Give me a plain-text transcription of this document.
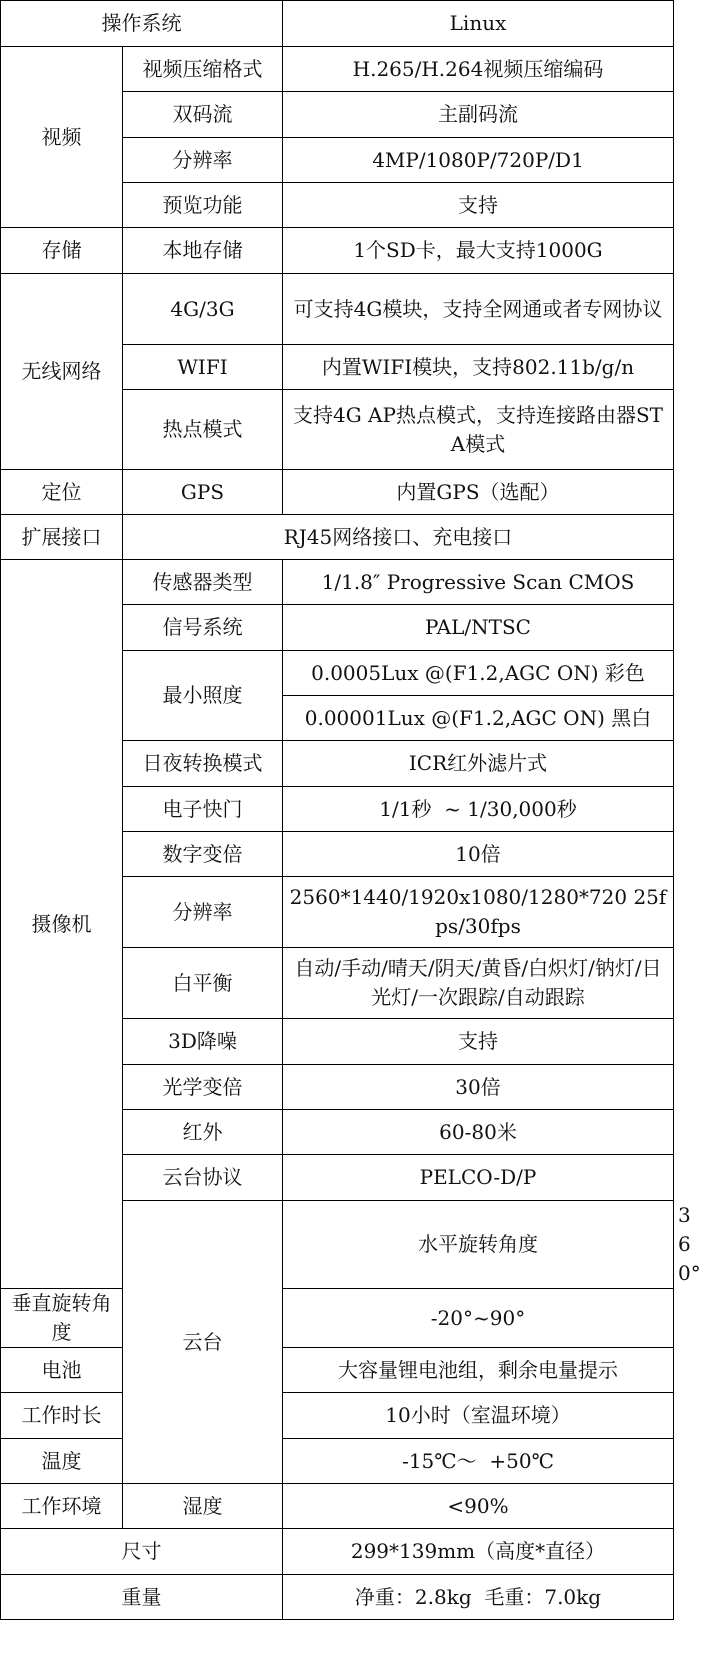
操作系统		Linux	
视频	视频压缩格式	H.265/H.264视频压缩编码	
	双码流	主副码流	
	分辨率	4MP/1080P/720P/D1	
	预览功能	支持	
存储	本地存储	1个SD卡，最大支持1000G	
无线网络	4G/3G	可支持4G模块，支持全网通或者专网协议	
	WIFI	内置WIFI模块，支持802.11b/g/n	
	热点模式	支持4G AP热点模式，支持连接路由器STA模式	
定位	GPS	内置GPS（选配）	
扩展接口	RJ45网络接口、充电接口		
摄像机	传感器类型	1/1.8″ Progressive Scan CMOS	
	信号系统	PAL/NTSC	
	最小照度	0.0005Lux @(F1.2,AGC ON) 彩色	
		0.00001Lux @(F1.2,AGC ON) 黑白	
	日夜转换模式	ICR红外滤片式	
	电子快门	1/1秒  ~ 1/30,000秒	
	数字变倍	10倍	
	分辨率	2560*1440/1920x1080/1280*720 25fps/30fps	
	白平衡	自动/手动/晴天/阴天/黄昏/白炽灯/钠灯/日光灯/一次跟踪/自动跟踪	
	3D降噪	支持	
	光学变倍	30倍	
	红外	60-80米	
	云台协议	PELCO-D/P	
	云台	水平旋转角度	360°
垂直旋转角度		-20°~90°	
电池		大容量锂电池组，剩余电量提示	
工作时长		10小时（室温环境）	
温度		-15℃～  +50℃	
工作环境	湿度	<90%	
尺寸		299*139mm（高度*直径）	
重量		净重：2.8kg  毛重：7.0kg	
